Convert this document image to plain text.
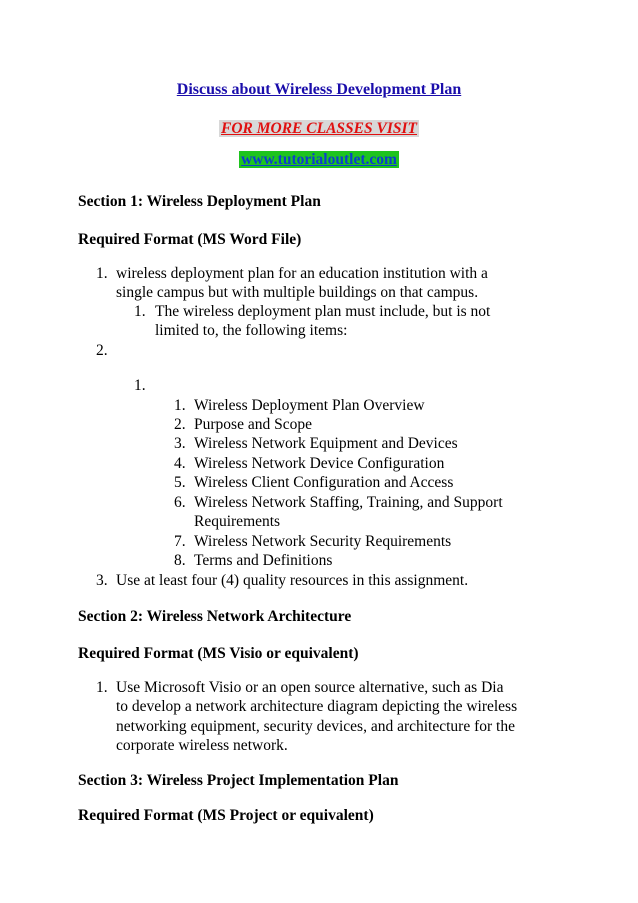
Discuss about Wireless Development Plan
FOR MORE CLASSES VISIT
www.tutorialoutlet.com
Section 1: Wireless Deployment Plan
Required Format (MS Word File)
1. wireless deployment plan for an education institution with a
single campus but with multiple buildings on that campus.
1. The wireless deployment plan must include, but is not
limited to, the following items:
2.
1.
1. Wireless Deployment Plan Overview
2. Purpose and Scope
3. Wireless Network Equipment and Devices
4. Wireless Network Device Configuration
5. Wireless Client Configuration and Access
6. Wireless Network Staffing, Training, and Support
Requirements
7. Wireless Network Security Requirements
8. Terms and Definitions
3. Use at least four (4) quality resources in this assignment.
Section 2: Wireless Network Architecture
Required Format (MS Visio or equivalent)
1. Use Microsoft Visio or an open source alternative, such as Dia
to develop a network architecture diagram depicting the wireless
networking equipment, security devices, and architecture for the
corporate wireless network.
Section 3: Wireless Project Implementation Plan
Required Format (MS Project or equivalent)
